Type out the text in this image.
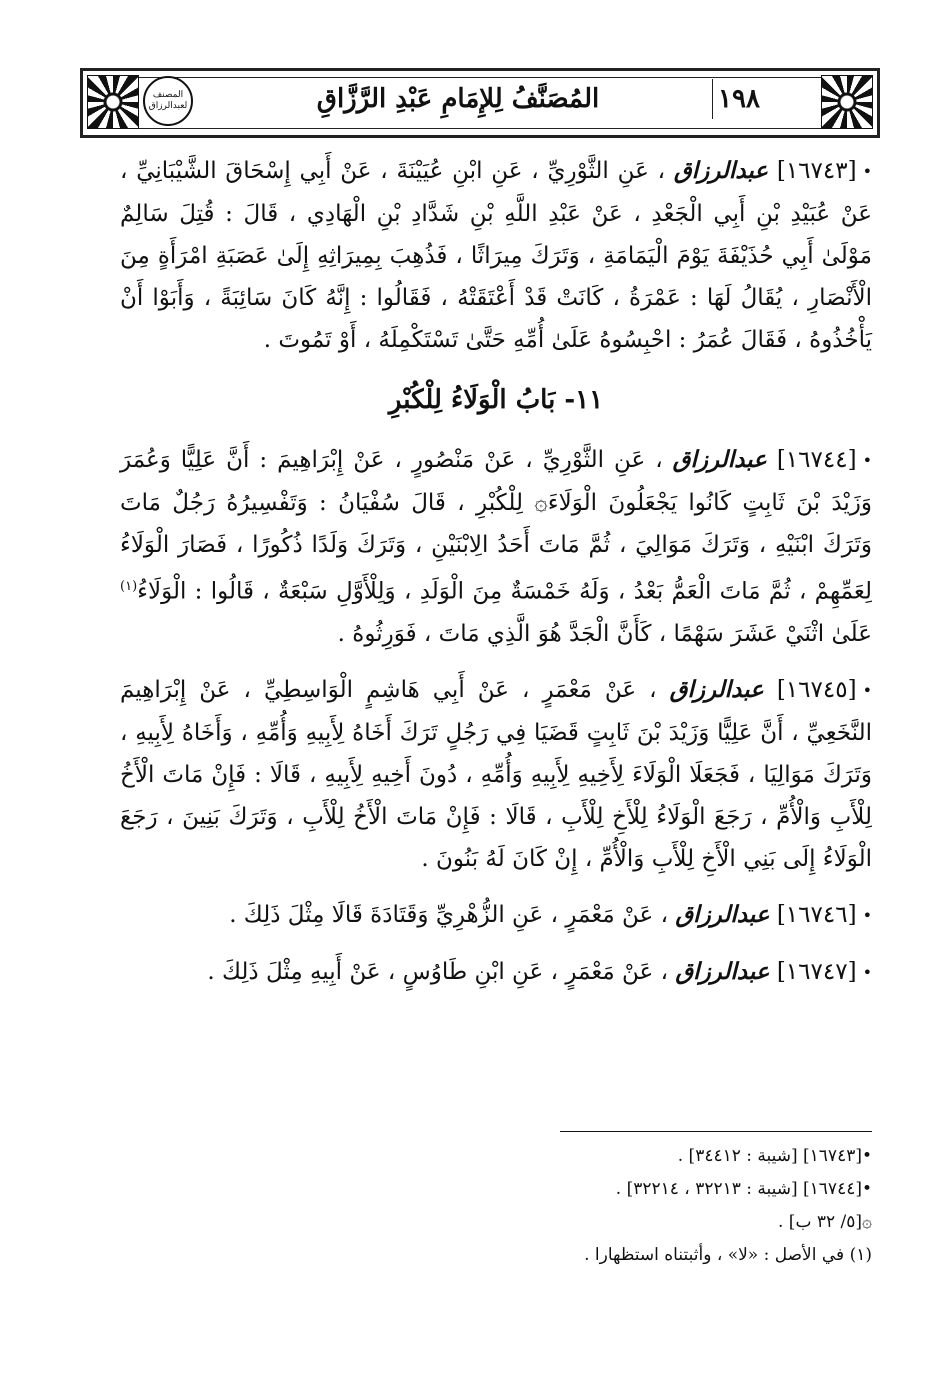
المصنف لعبدالرزاق	المُصَنَّفُ لِلإِمَامِ عَبْدِ الرَّزَّاقِ	١٩٨

•[١٦٧٤٣] عبدالرزاق ، عَنِ الثَّوْرِيِّ ، عَنِ ابْنِ عُيَيْنَةَ ، عَنْ أَبِي إِسْحَاقَ الشَّيْبَانِيِّ ، عَنْ عُبَيْدِ بْنِ أَبِي الْجَعْدِ ، عَنْ عَبْدِ اللَّهِ بْنِ شَدَّادِ بْنِ الْهَادِي ، قَالَ : قُتِلَ سَالِمٌ مَوْلَىٰ أَبِي حُذَيْفَةَ يَوْمَ الْيَمَامَةِ ، وَتَرَكَ مِيرَاثًا ، فَذُهِبَ بِمِيرَاثِهِ إِلَىٰ عَصَبَةِ امْرَأَةٍ مِنَ الْأَنْصَارِ ، يُقَالُ لَهَا : عَمْرَةُ ، كَانَتْ قَدْ أَعْتَقَتْهُ ، فَقَالُوا : إِنَّهُ كَانَ سَائِبَةً ، وَأَبَوْا أَنْ يَأْخُذُوهُ ، فَقَالَ عُمَرُ : احْبِسُوهُ عَلَىٰ أُمِّهِ حَتَّىٰ تَسْتَكْمِلَهُ ، أَوْ تَمُوتَ .

١١- بَابُ الْوَلَاءُ لِلْكُبْرِ

•[١٦٧٤٤] عبدالرزاق ، عَنِ الثَّوْرِيِّ ، عَنْ مَنْصُورٍ ، عَنْ إِبْرَاهِيمَ : أَنَّ عَلِيًّا وَعُمَرَ وَزَيْدَ بْنَ ثَابِتٍ كَانُوا يَجْعَلُونَ الْوَلَاءَ۞ لِلْكُبْرِ ، قَالَ سُفْيَانُ : وَتَفْسِيرُهُ رَجُلٌ مَاتَ وَتَرَكَ ابْنَيْهِ ، وَتَرَكَ مَوَالِيَ ، ثُمَّ مَاتَ أَحَدُ الِابْنَيْنِ ، وَتَرَكَ وَلَدًا ذُكُورًا ، فَصَارَ الْوَلَاءُ لِعَمِّهِمْ ، ثُمَّ مَاتَ الْعَمُّ بَعْدُ ، وَلَهُ خَمْسَةٌ مِنَ الْوَلَدِ ، وَلِلْأَوَّلِ سَبْعَةٌ ، قَالُوا : الْوَلَاءُ$^{(١)}$ عَلَىٰ اثْنَيْ عَشَرَ سَهْمًا ، كَأَنَّ الْجَدَّ هُوَ الَّذِي مَاتَ ، فَوَرِثُوهُ .

•[١٦٧٤٥] عبدالرزاق ، عَنْ مَعْمَرٍ ، عَنْ أَبِي هَاشِمٍ الْوَاسِطِيِّ ، عَنْ إِبْرَاهِيمَ النَّخَعِيِّ ، أَنَّ عَلِيًّا وَزَيْدَ بْنَ ثَابِتٍ قَضَيَا فِي رَجُلٍ تَرَكَ أَخَاهُ لِأَبِيهِ وَأُمِّهِ ، وَأَخَاهُ لِأَبِيهِ ، وَتَرَكَ مَوَالِيَا ، فَجَعَلَا الْوَلَاءَ لِأَخِيهِ لِأَبِيهِ وَأُمِّهِ ، دُونَ أَخِيهِ لِأَبِيهِ ، قَالَا : فَإِنْ مَاتَ الْأَخُ لِلْأَبِ وَالْأُمِّ ، رَجَعَ الْوَلَاءُ لِلْأَخِ لِلْأَبِ ، قَالَا : فَإِنْ مَاتَ الْأَخُ لِلْأَبِ ، وَتَرَكَ بَنِينَ ، رَجَعَ الْوَلَاءُ إِلَى بَنِي الْأَخِ لِلْأَبِ وَالْأُمِّ ، إِنْ كَانَ لَهُ بَنُونَ .

•[١٦٧٤٦] عبدالرزاق ، عَنْ مَعْمَرٍ ، عَنِ الزُّهْرِيِّ وَقَتَادَةَ قَالَا مِثْلَ ذَلِكَ .

•[١٦٧٤٧] عبدالرزاق ، عَنْ مَعْمَرٍ ، عَنِ ابْنِ طَاوُسٍ ، عَنْ أَبِيهِ مِثْلَ ذَلِكَ .

•[١٦٧٤٣] [شيبة : ٣٤٤١٢] .

•[١٦٧٤٤] [شيبة : ٣٢٢١٣ ، ٣٢٢١٤] .

۞[٥/ ٣٢ ب] .

(١) في الأصل : «لا» ، وأثبتناه استظهارا .
